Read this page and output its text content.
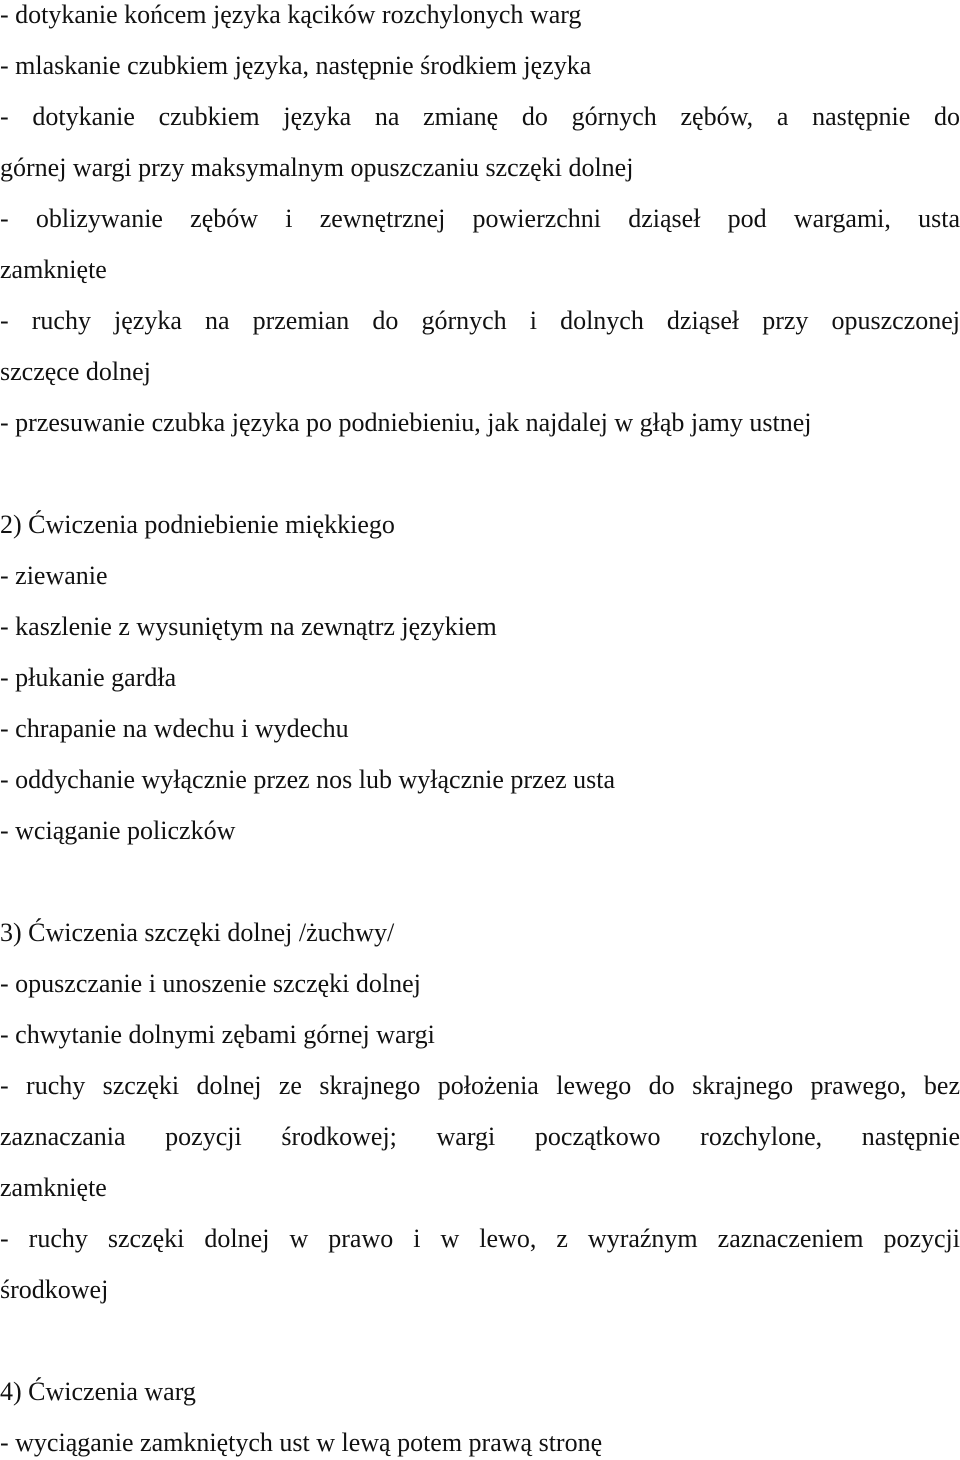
- dotykanie końcem języka kącików rozchylonych warg

- mlaskanie czubkiem języka, następnie środkiem języka

- dotykanie czubkiem języka na zmianę do górnych zębów, a następnie do

górnej wargi przy maksymalnym opuszczaniu szczęki dolnej

- oblizywanie zębów i zewnętrznej powierzchni dziąseł pod wargami, usta

zamknięte

- ruchy języka na przemian do górnych i dolnych dziąseł przy opuszczonej

szczęce dolnej

- przesuwanie czubka języka po podniebieniu, jak najdalej w głąb jamy ustnej

2) Ćwiczenia podniebienie miękkiego

- ziewanie

- kaszlenie z wysuniętym na zewnątrz językiem

- płukanie gardła

- chrapanie na wdechu i wydechu

- oddychanie wyłącznie przez nos lub wyłącznie przez usta

- wciąganie policzków

3) Ćwiczenia szczęki dolnej /żuchwy/

- opuszczanie i unoszenie szczęki dolnej

- chwytanie dolnymi zębami górnej wargi

- ruchy szczęki dolnej ze skrajnego położenia lewego do skrajnego prawego, bez

zaznaczania pozycji środkowej; wargi początkowo rozchylone, następnie

zamknięte

- ruchy szczęki dolnej w prawo i w lewo, z wyraźnym zaznaczeniem pozycji

środkowej

4) Ćwiczenia warg

- wyciąganie zamkniętych ust w lewą potem prawą stronę
